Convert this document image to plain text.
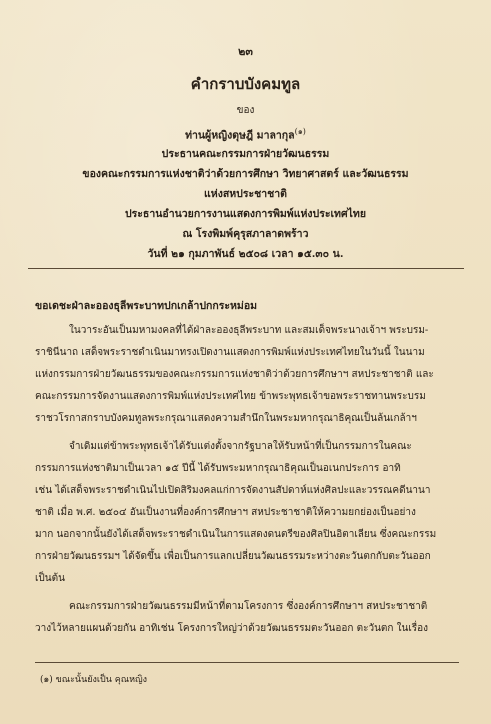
๒๓
คำกราบบังคมทูล
ของ
ท่านผู้หญิงดุษฎี มาลากุล$^{(๑)}$
ประธานคณะกรรมการฝ่ายวัฒนธรรม
ของคณะกรรมการแห่งชาติว่าด้วยการศึกษา วิทยาศาสตร์ และวัฒนธรรม
แห่งสหประชาชาติ
ประธานอำนวยการงานแสดงการพิมพ์แห่งประเทศไทย
ณ โรงพิมพ์คุรุสภาลาดพร้าว
วันที่ ๒๑ กุมภาพันธ์ ๒๕๐๘ เวลา ๑๕.๓๐ น.
ขอเดชะฝ่าละอองธุลีพระบาทปกเกล้าปกกระหม่อม
ในวาระอันเป็นมหามงคลที่ได้ฝ่าละอองธุลีพระบาท และสมเด็จพระนางเจ้าฯ พระบรม-
ราชินีนาถ เสด็จพระราชดำเนินมาทรงเปิดงานแสดงการพิมพ์แห่งประเทศไทยในวันนี้ ในนาม
แห่งกรรมการฝ่ายวัฒนธรรมของคณะกรรมการแห่งชาติว่าด้วยการศึกษาฯ สหประชาชาติ และ
คณะกรรมการจัดงานแสดงการพิมพ์แห่งประเทศไทย ข้าพระพุทธเจ้าขอพระราชทานพระบรม
ราชวโรกาสกราบบังคมทูลพระกรุณาแสดงความสำนึกในพระมหากรุณาธิคุณเป็นล้นเกล้าฯ
จำเดิมแต่ข้าพระพุทธเจ้าได้รับแต่งตั้งจากรัฐบาลให้รับหน้าที่เป็นกรรมการในคณะ
กรรมการแห่งชาติมาเป็นเวลา ๑๕ ปีนี้ ได้รับพระมหากรุณาธิคุณเป็นอเนกประการ อาทิ
เช่น ได้เสด็จพระราชดำเนินไปเปิดสิริมงคลแก่การจัดงานสัปดาห์แห่งศิลปะและวรรณคดีนานา
ชาติ เมื่อ พ.ศ. ๒๕๐๔ อันเป็นงานที่องค์การศึกษาฯ สหประชาชาติให้ความยกย่องเป็นอย่าง
มาก นอกจากนั้นยังได้เสด็จพระราชดำเนินในการแสดงดนตรีของศิลปินอิตาเลียน ซึ่งคณะกรรม
การฝ่ายวัฒนธรรมฯ ได้จัดขึ้น เพื่อเป็นการแลกเปลี่ยนวัฒนธรรมระหว่างตะวันตกกับตะวันออก
เป็นต้น
คณะกรรมการฝ่ายวัฒนธรรมมีหน้าที่ตามโครงการ ซึ่งองค์การศึกษาฯ สหประชาชาติ
วางไว้หลายแผนด้วยกัน อาทิเช่น โครงการใหญ่ว่าด้วยวัฒนธรรมตะวันออก ตะวันตก ในเรื่อง
(๑) ขณะนั้นยังเป็น คุณหญิง
